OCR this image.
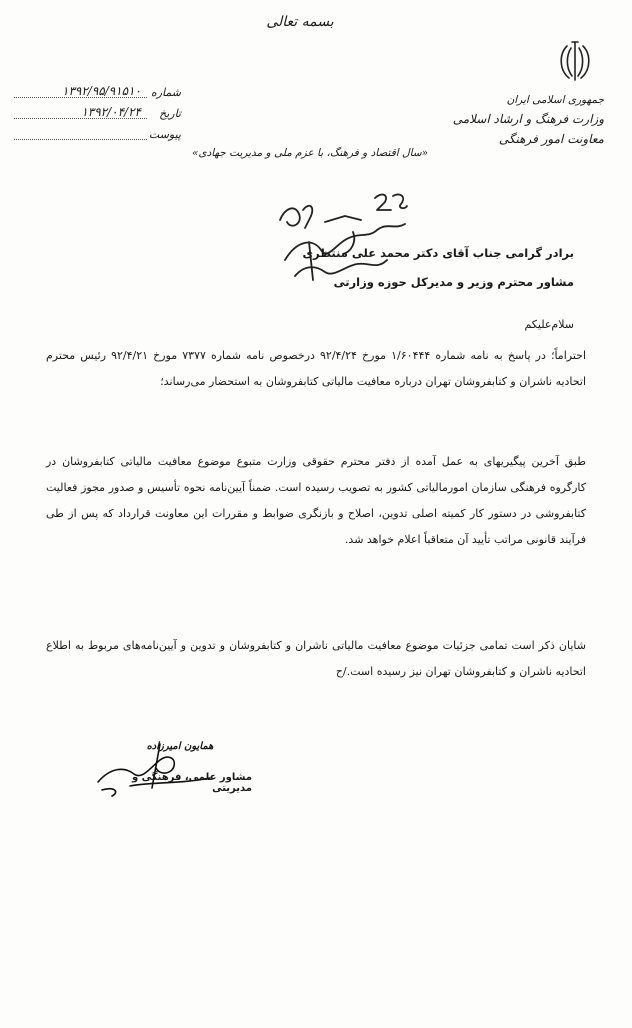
بسمه تعالی
جمهوری اسلامی ایران
وزارت فرهنگ و ارشاد اسلامی
معاونت امور فرهنگی
شماره
۱۳۹۲/۹۵/۹۱۵۱۰
تاریخ
۱۳۹۲/۰۴/۲۴
پیوست
«سال اقتصاد و فرهنگ، با عزم ملی و مدیریت جهادی»
برادر گرامی جناب آقای دکتر محمد علی منتظری
مشاور محترم وزیر و مدیرکل حوزه وزارتی
سلام‌علیکم
احتراماً؛ در پاسخ به نامه شماره ۱/۶۰۴۴۴ مورخ ۹۲/۴/۲۴ درخصوص نامه شماره ۷۳۷۷ مورخ ۹۲/۴/۲۱ رئیس محترم اتحادیه ناشران و کتابفروشان تهران درباره معافیت مالیاتی کتابفروشان به استحضار می‌رساند؛
طبق آخرین پیگیریهای به عمل آمده از دفتر محترم حقوقی وزارت متبوع موضوع معافیت مالیاتی کتابفروشان در کارگروه فرهنگی سازمان امورمالیاتی کشور به تصویب رسیده است. ضمناً آیین‌نامه نحوه تأسیس و صدور مجوز فعالیت کتابفروشی در دستور کار کمیته اصلی تدوین، اصلاح و بازنگری ضوابط و مقررات این معاونت قرارداد که پس از طی فرآیند قانونی مراتب تأیید آن متعاقباً اعلام خواهد شد.
شایان ذکر است تمامی جزئیات موضوع معافیت مالیاتی ناشران و کتابفروشان و تدوین و آیین‌نامه‌های مربوط به اطلاع اتحادیه ناشران و کتابفروشان تهران نیز رسیده است./ح
همایون امیرزاده
مشاور علمی، فرهنگی و مدیریتی
